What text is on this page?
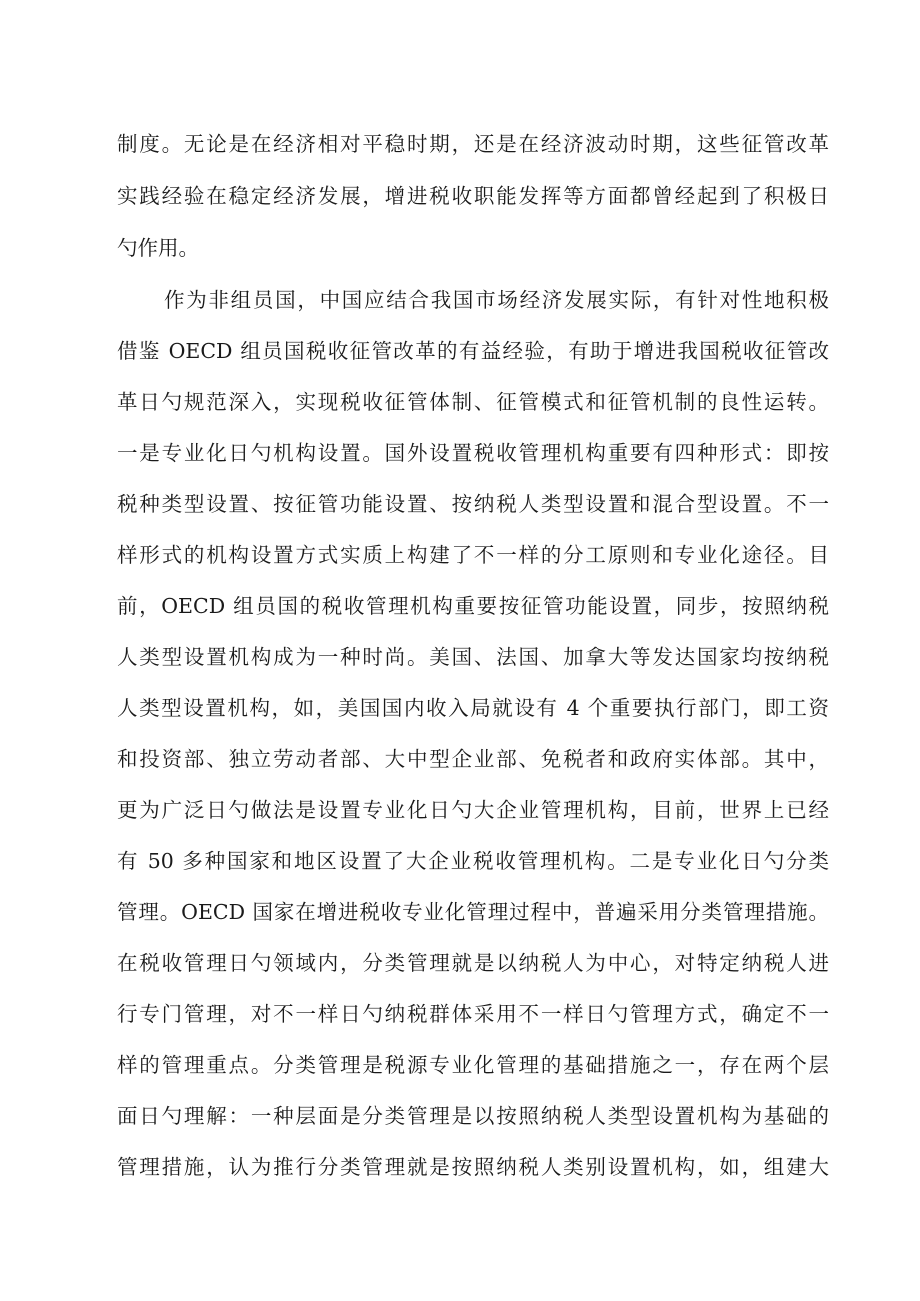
制度。无论是在经济相对平稳时期，还是在经济波动时期，这些征管改革
实践经验在稳定经济发展，增进税收职能发挥等方面都曾经起到了积极日
勺作用。
作为非组员国，中国应结合我国市场经济发展实际，有针对性地积极
借鉴 OECD 组员国税收征管改革的有益经验，有助于增进我国税收征管改
革日勺规范深入，实现税收征管体制、征管模式和征管机制的良性运转。
一是专业化日勺机构设置。国外设置税收管理机构重要有四种形式：即按
税种类型设置、按征管功能设置、按纳税人类型设置和混合型设置。不一
样形式的机构设置方式实质上构建了不一样的分工原则和专业化途径。目
前，OECD 组员国的税收管理机构重要按征管功能设置，同步，按照纳税
人类型设置机构成为一种时尚。美国、法国、加拿大等发达国家均按纳税
人类型设置机构，如，美国国内收入局就设有 4 个重要执行部门，即工资
和投资部、独立劳动者部、大中型企业部、免税者和政府实体部。其中，
更为广泛日勺做法是设置专业化日勺大企业管理机构，目前，世界上已经
有 50 多种国家和地区设置了大企业税收管理机构。二是专业化日勺分类
管理。OECD 国家在增进税收专业化管理过程中，普遍采用分类管理措施。
在税收管理日勺领域内，分类管理就是以纳税人为中心，对特定纳税人进
行专门管理，对不一样日勺纳税群体采用不一样日勺管理方式，确定不一
样的管理重点。分类管理是税源专业化管理的基础措施之一，存在两个层
面日勺理解：一种层面是分类管理是以按照纳税人类型设置机构为基础的
管理措施，认为推行分类管理就是按照纳税人类别设置机构，如，组建大
